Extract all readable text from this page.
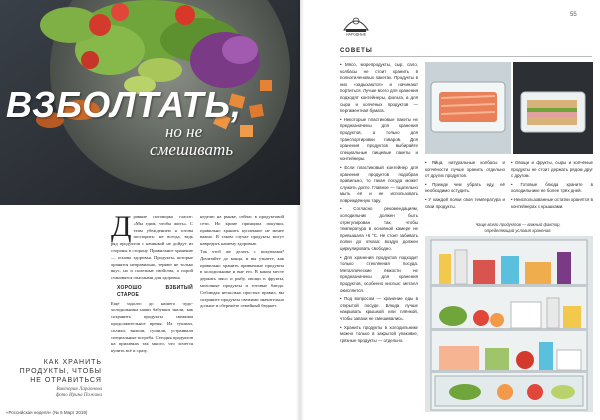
ВЗБОЛТАТЬ,
но не
смешивать
КАК ХРАНИТЬ ПРОДУКТЫ, ЧТОБЫ НЕ ОТРАВИТЬСЯ
Виктория Ларионова
фото Ирина Пожина
«Российская неделя» (№ 5 Март 2019)

Дравние поговорка гласит: «Мы едим, чтобы жить». С этим убеждением я готова поспорить: не всегда, ведь ряд продуктов с начинкой не дойдут из стороны в сторону. Правильное хранение — основа здоровья. Продукты, которые хранятся неправильно, теряют не только вкус, но и полезные свойства, а порой становятся опасными для здоровья.

ХОРОШО ВЗБИТЫЙ СТАРОЕ

Ещё задолго до нашего чудо-холодильника наши бабушки знали, как сохранить продукты свежими продолжительное время. Их тушили, солили, вялили, сушили, устраивали специальные погреба. Сегодня продуктов на прилавках так много, что хочется купить всё и сразу.

неделю на рынке, сейчас в продуктовой сети. Но кроме принципа покупки, правильно хранить купленное не менее важно. В таком случае продукты могут навредить нашему здоровью.

Так чтоб же делать с покупками? Дочитайте до конца, и вы узнаете, как правильно хранить привычные продукты в холодильнике и вне его. В каком месте держать мясо и рыбу, овощи и фрукты, молочные продукты и готовые блюда. Соблюдая несколько простых правил, вы сохраните продукты свежими значительно дольше и сбережёте семейный бюджет.

НАРОДНЫЕ
55
СОВЕТЫ

• Мясо, морепродукты, сыр, сало, колбасы не стоит хранить в полиэтиленовых пакетах. Продукты в них «задыхаются» и начинают портиться. Лучше всего для хранения подходят контейнеры, фольга, а для сыра и копчёных продуктов — пергаментная бумага.

• Некоторые пластиковые пакеты не предназначены для хранения продуктов, а только для транспортировки товаров. Для хранения продуктов выбирайте специальные пищевые пакеты и контейнеры.

• Если пластиковый контейнер для хранения продуктов подобран правильно, то такая посуда может служить долго. Главное — тщательно мыть её и не использовать повреждённую тару.

• Согласно рекомендациям, холодильник должен быть отрегулирован так, чтобы температура в основной камере не превышала +5 °С. Не стоит забивать полки до отказа: воздух должен циркулировать свободно.

• Для хранения продуктов подходит только стеклянная посуда. Металлические ёмкости не предназначены для хранения продуктов, особенно кислых: металл окисляется.

• Под вопросом — хранение еды в открытой посуде. Блюда лучше накрывать крышкой или плёнкой, чтобы запахи не смешивались.

• Хранить продукты в холодильнике можно только в закрытой упаковке, грязные продукты — отдельно.

• Яйца, натуральные колбасы и копчёности лучше хранить отдельно от других продуктов.

• Прежде чем убрать еду, её необходимо остудить.

• У каждой полки своя температура и свои продукты.

• Овощи и фрукты, сыры и копчёные продукты не стоит держать рядом друг с другом.

• Готовые блюда храните в холодильнике не более трёх дней.

• Неиспользованные остатки хранятся в контейнерах с крышками.

Чаще всего продуктов — важный фактор, определяющий условия хранения.
